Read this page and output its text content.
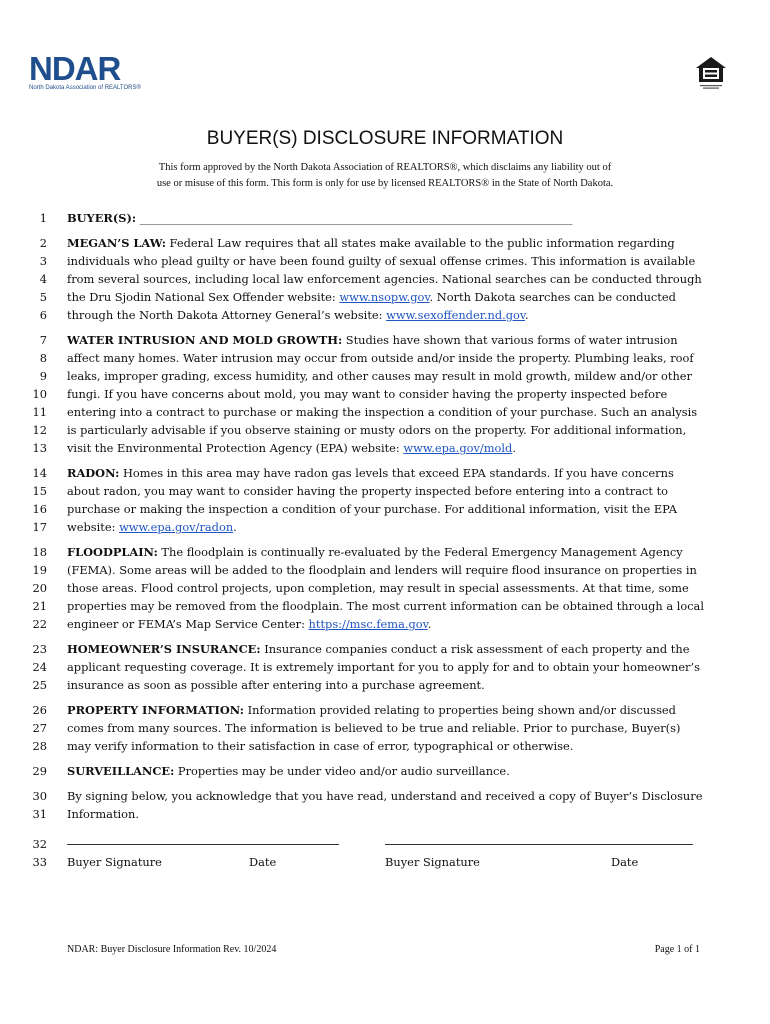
NDAR
North Dakota Association of REALTORS®
BUYER(S) DISCLOSURE INFORMATION
This form approved by the North Dakota Association of REALTORS®, which disclaims any liability out of
use or misuse of this form. This form is only for use by licensed REALTORS® in the State of North Dakota.
1 BUYER(S): ____________________________________________________________________________
2 MEGAN’S LAW: Federal Law requires that all states make available to the public information regarding
3 individuals who plead guilty or have been found guilty of sexual offense crimes. This information is available
4 from several sources, including local law enforcement agencies. National searches can be conducted through
5 the Dru Sjodin National Sex Offender website: www.nsopw.gov. North Dakota searches can be conducted
6 through the North Dakota Attorney General’s website: www.sexoffender.nd.gov.
7 WATER INTRUSION AND MOLD GROWTH: Studies have shown that various forms of water intrusion
8 affect many homes. Water intrusion may occur from outside and/or inside the property. Plumbing leaks, roof
9 leaks, improper grading, excess humidity, and other causes may result in mold growth, mildew and/or other
10 fungi. If you have concerns about mold, you may want to consider having the property inspected before
11 entering into a contract to purchase or making the inspection a condition of your purchase. Such an analysis
12 is particularly advisable if you observe staining or musty odors on the property. For additional information,
13 visit the Environmental Protection Agency (EPA) website: www.epa.gov/mold.
14 RADON: Homes in this area may have radon gas levels that exceed EPA standards. If you have concerns
15 about radon, you may want to consider having the property inspected before entering into a contract to
16 purchase or making the inspection a condition of your purchase. For additional information, visit the EPA
17 website: www.epa.gov/radon.
18 FLOODPLAIN: The floodplain is continually re-evaluated by the Federal Emergency Management Agency
19 (FEMA). Some areas will be added to the floodplain and lenders will require flood insurance on properties in
20 those areas. Flood control projects, upon completion, may result in special assessments. At that time, some
21 properties may be removed from the floodplain. The most current information can be obtained through a local
22 engineer or FEMA’s Map Service Center: https://msc.fema.gov.
23 HOMEOWNER’S INSURANCE: Insurance companies conduct a risk assessment of each property and the
24 applicant requesting coverage. It is extremely important for you to apply for and to obtain your homeowner’s
25 insurance as soon as possible after entering into a purchase agreement.
26 PROPERTY INFORMATION: Information provided relating to properties being shown and/or discussed
27 comes from many sources. The information is believed to be true and reliable. Prior to purchase, Buyer(s)
28 may verify information to their satisfaction in case of error, typographical or otherwise.
29 SURVEILLANCE: Properties may be under video and/or audio surveillance.
30 By signing below, you acknowledge that you have read, understand and received a copy of Buyer’s Disclosure
31 Information.
32
33 Buyer Signature	Date	Buyer Signature	Date
NDAR: Buyer Disclosure Information Rev. 10/2024	Page 1 of 1
